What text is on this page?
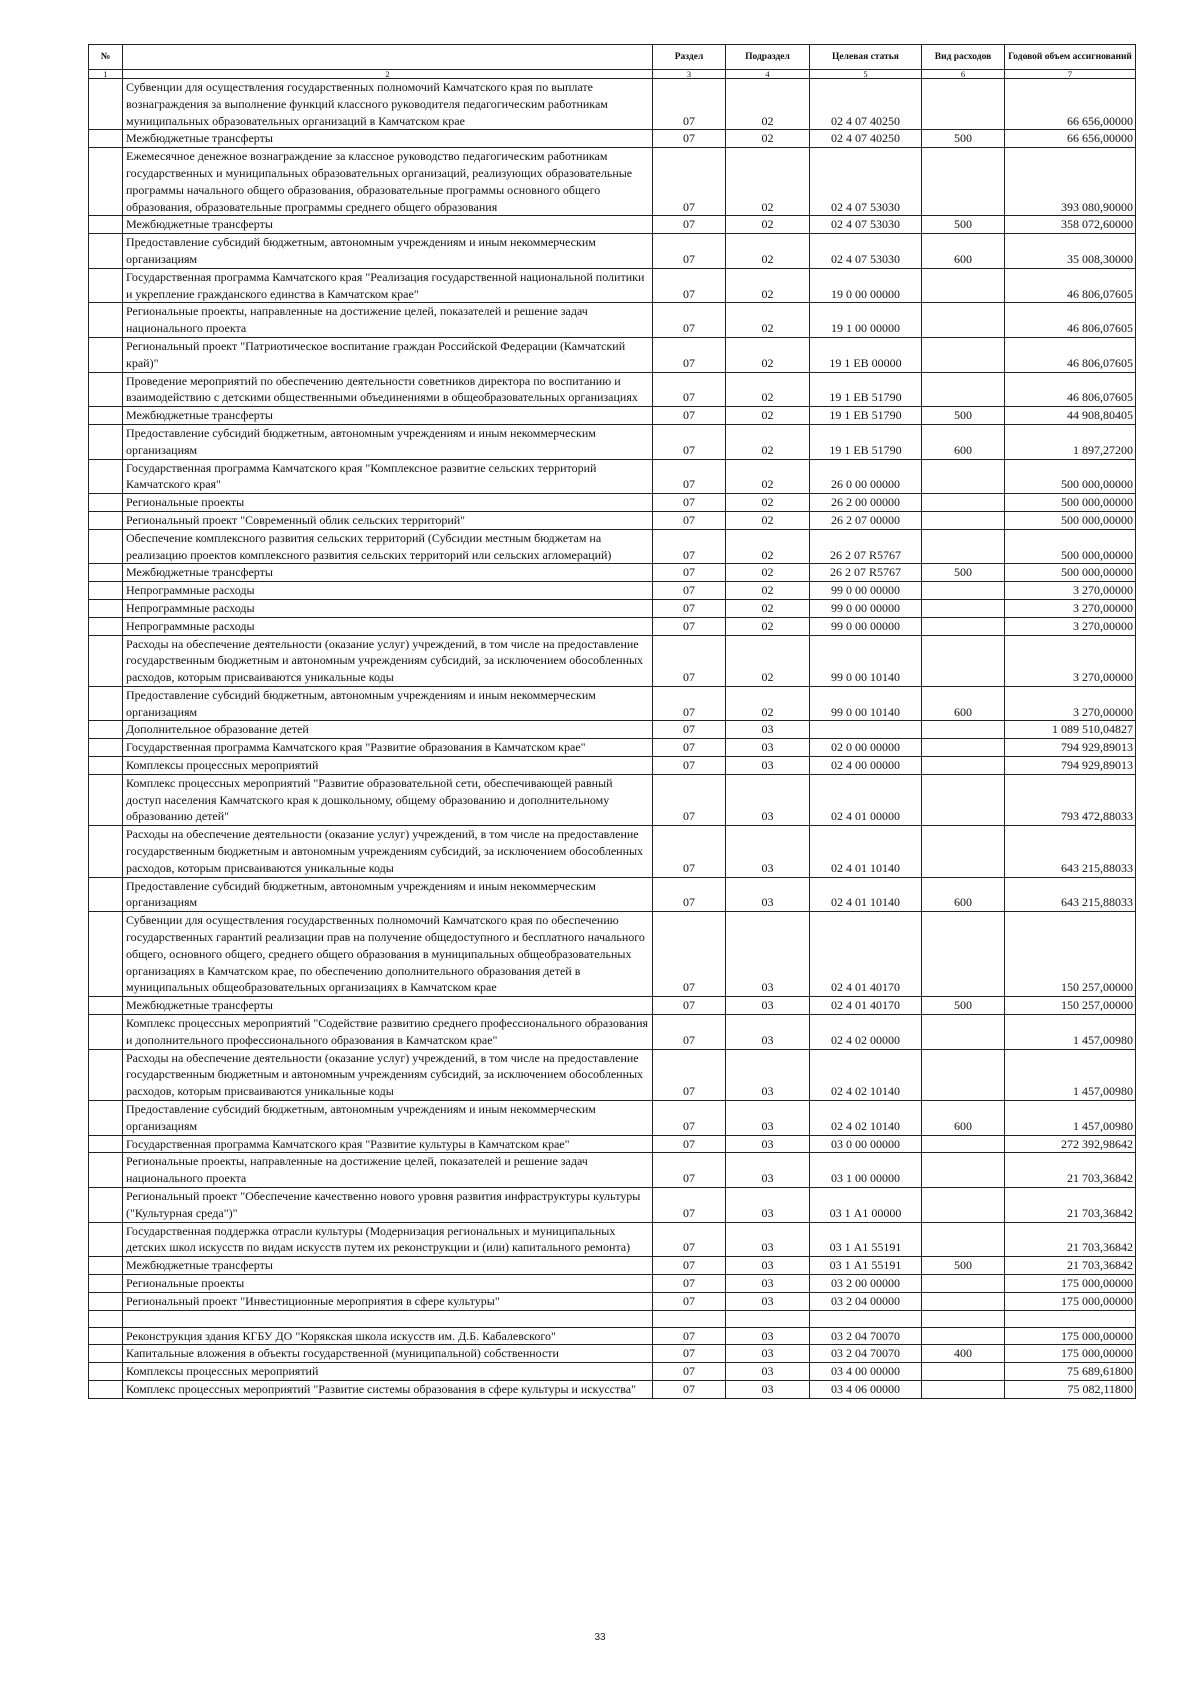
№		Раздел	Подраздел	Целевая статья	Вид расходов	Годовой объем ассигнований
1	2	3	4	5	6	7
	Субвенции для осуществления государственных полномочий Камчатского края по выплате вознаграждения за выполнение функций классного руководителя педагогическим работникам муниципальных образовательных организаций в Камчатском крае	07	02	02 4 07 40250		66 656,00000
	Межбюджетные трансферты	07	02	02 4 07 40250	500	66 656,00000
	Ежемесячное денежное вознаграждение за классное руководство педагогическим работникам государственных и муниципальных образовательных организаций, реализующих образовательные программы начального общего образования, образовательные программы основного общего образования, образовательные программы среднего общего образования	07	02	02 4 07 53030		393 080,90000
	Межбюджетные трансферты	07	02	02 4 07 53030	500	358 072,60000
	Предоставление субсидий бюджетным, автономным учреждениям и иным некоммерческим организациям	07	02	02 4 07 53030	600	35 008,30000
	Государственная программа Камчатского края "Реализация государственной национальной политики и укрепление гражданского единства в Камчатском крае"	07	02	19 0 00 00000		46 806,07605
	Региональные проекты, направленные на достижение целей, показателей и решение задач национального проекта	07	02	19 1 00 00000		46 806,07605
	Региональный проект "Патриотическое воспитание граждан Российской Федерации (Камчатский край)"	07	02	19 1 ЕВ 00000		46 806,07605
	Проведение мероприятий по обеспечению деятельности советников директора по воспитанию и взаимодействию с детскими общественными объединениями в общеобразовательных организациях	07	02	19 1 ЕВ 51790		46 806,07605
	Межбюджетные трансферты	07	02	19 1 ЕВ 51790	500	44 908,80405
	Предоставление субсидий бюджетным, автономным учреждениям и иным некоммерческим организациям	07	02	19 1 ЕВ 51790	600	1 897,27200
	Государственная программа Камчатского края "Комплексное развитие сельских территорий Камчатского края"	07	02	26 0 00 00000		500 000,00000
	Региональные проекты	07	02	26 2 00 00000		500 000,00000
	Региональный проект "Современный облик сельских территорий"	07	02	26 2 07 00000		500 000,00000
	Обеспечение комплексного развития сельских территорий (Субсидии местным бюджетам на реализацию проектов комплексного развития сельских территорий или сельских агломераций)	07	02	26 2 07 R5767		500 000,00000
	Межбюджетные трансферты	07	02	26 2 07 R5767	500	500 000,00000
	Непрограммные расходы	07	02	99 0 00 00000		3 270,00000
	Непрограммные расходы	07	02	99 0 00 00000		3 270,00000
	Непрограммные расходы	07	02	99 0 00 00000		3 270,00000
	Расходы на обеспечение деятельности (оказание услуг) учреждений, в том числе на предоставление государственным бюджетным и автономным учреждениям субсидий, за исключением обособленных расходов, которым присваиваются уникальные коды	07	02	99 0 00 10140		3 270,00000
	Предоставление субсидий бюджетным, автономным учреждениям и иным некоммерческим организациям	07	02	99 0 00 10140	600	3 270,00000
	Дополнительное образование детей	07	03			1 089 510,04827
	Государственная программа Камчатского края "Развитие образования в Камчатском крае"	07	03	02 0 00 00000		794 929,89013
	Комплексы процессных мероприятий	07	03	02 4 00 00000		794 929,89013
	Комплекс процессных мероприятий "Развитие образовательной сети, обеспечивающей равный доступ населения Камчатского края к дошкольному, общему образованию и дополнительному образованию детей"	07	03	02 4 01 00000		793 472,88033
	Расходы на обеспечение деятельности (оказание услуг) учреждений, в том числе на предоставление государственным бюджетным и автономным учреждениям субсидий, за исключением обособленных расходов, которым присваиваются уникальные коды	07	03	02 4 01 10140		643 215,88033
	Предоставление субсидий бюджетным, автономным учреждениям и иным некоммерческим организациям	07	03	02 4 01 10140	600	643 215,88033
	Субвенции для осуществления государственных полномочий Камчатского края по обеспечению государственных гарантий реализации прав на получение общедоступного и бесплатного начального общего, основного общего, среднего общего образования в муниципальных общеобразовательных организациях в Камчатском крае, по обеспечению дополнительного образования детей в муниципальных общеобразовательных организациях в Камчатском крае	07	03	02 4 01 40170		150 257,00000
	Межбюджетные трансферты	07	03	02 4 01 40170	500	150 257,00000
	Комплекс процессных мероприятий "Содействие развитию среднего профессионального образования и дополнительного профессионального образования в Камчатском крае"	07	03	02 4 02 00000		1 457,00980
	Расходы на обеспечение деятельности (оказание услуг) учреждений, в том числе на предоставление государственным бюджетным и автономным учреждениям субсидий, за исключением обособленных расходов, которым присваиваются уникальные коды	07	03	02 4 02 10140		1 457,00980
	Предоставление субсидий бюджетным, автономным учреждениям и иным некоммерческим организациям	07	03	02 4 02 10140	600	1 457,00980
	Государственная программа Камчатского края "Развитие культуры в Камчатском крае"	07	03	03 0 00 00000		272 392,98642
	Региональные проекты, направленные на достижение целей, показателей и решение задач национального проекта	07	03	03 1 00 00000		21 703,36842
	Региональный проект "Обеспечение качественно нового уровня развития инфраструктуры культуры ("Культурная среда")"	07	03	03 1 А1 00000		21 703,36842
	Государственная поддержка отрасли культуры (Модернизация региональных и муниципальных детских школ искусств по видам искусств путем их реконструкции и (или) капитального ремонта)	07	03	03 1 А1 55191		21 703,36842
	Межбюджетные трансферты	07	03	03 1 А1 55191	500	21 703,36842
	Региональные проекты	07	03	03 2 00 00000		175 000,00000
	Региональный проект "Инвестиционные мероприятия в сфере культуры"	07	03	03 2 04 00000		175 000,00000

	Реконструкция здания КГБУ ДО "Корякская школа искусств им. Д.Б. Кабалевского"	07	03	03 2 04 70070		175 000,00000
	Капитальные вложения в объекты государственной (муниципальной) собственности	07	03	03 2 04 70070	400	175 000,00000
	Комплексы процессных мероприятий	07	03	03 4 00 00000		75 689,61800
	Комплекс процессных мероприятий "Развитие системы образования в сфере культуры и искусства"	07	03	03 4 06 00000		75 082,11800
33
